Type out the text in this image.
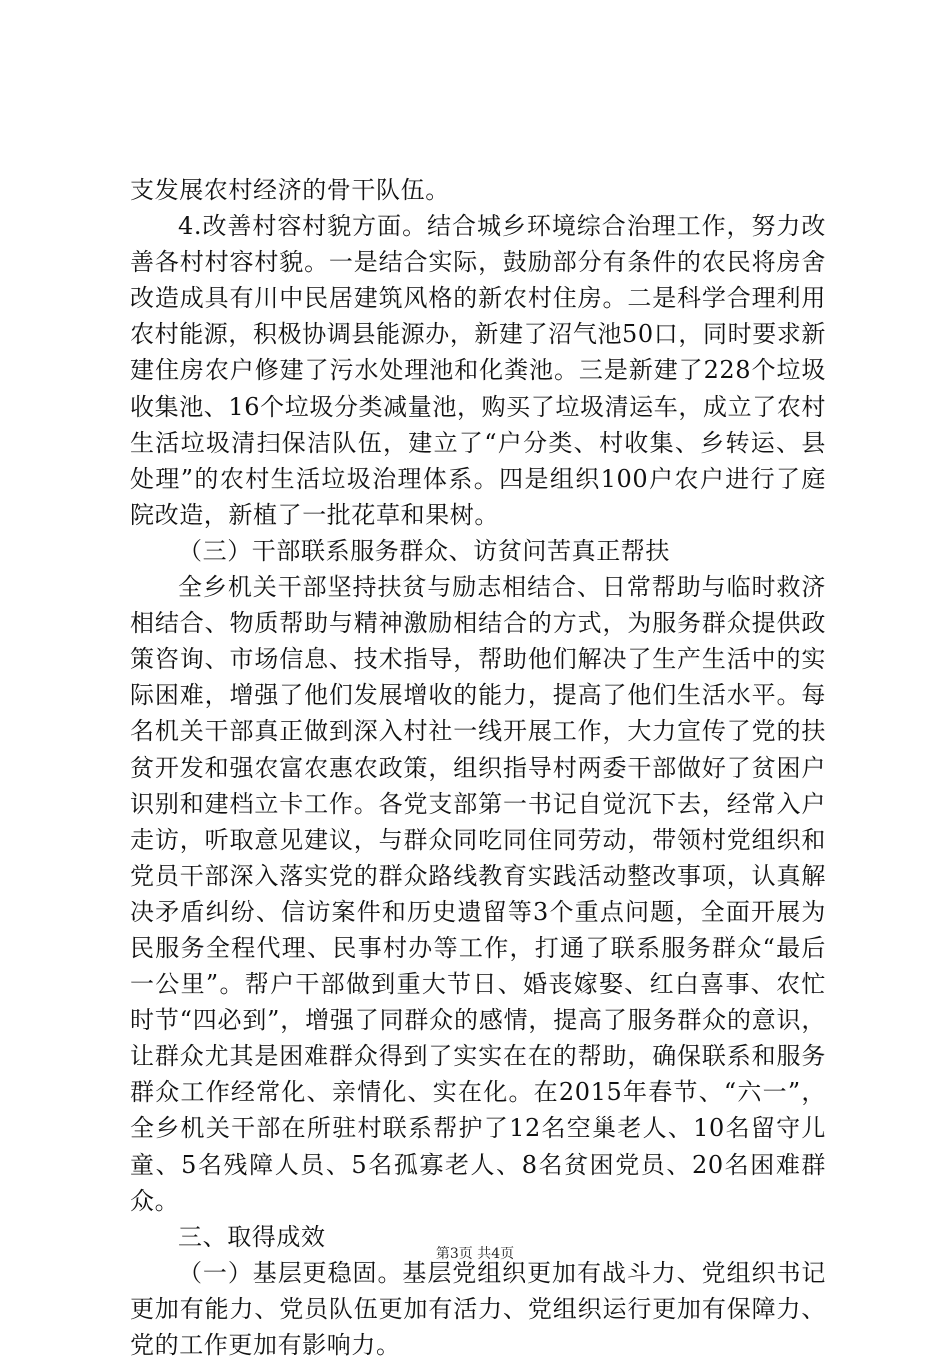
支发展农村经济的骨干队伍。

4.改善村容村貌方面。结合城乡环境综合治理工作，努力改善各村村容村貌。一是结合实际，鼓励部分有条件的农民将房舍改造成具有川中民居建筑风格的新农村住房。二是科学合理利用农村能源，积极协调县能源办，新建了沼气池50口，同时要求新建住房农户修建了污水处理池和化粪池。三是新建了228个垃圾收集池、16个垃圾分类减量池，购买了垃圾清运车，成立了农村生活垃圾清扫保洁队伍，建立了“户分类、村收集、乡转运、县处理”的农村生活垃圾治理体系。四是组织100户农户进行了庭院改造，新植了一批花草和果树。

（三）干部联系服务群众、访贫问苦真正帮扶

全乡机关干部坚持扶贫与励志相结合、日常帮助与临时救济相结合、物质帮助与精神激励相结合的方式，为服务群众提供政策咨询、市场信息、技术指导，帮助他们解决了生产生活中的实际困难，增强了他们发展增收的能力，提高了他们生活水平。每名机关干部真正做到深入村社一线开展工作，大力宣传了党的扶贫开发和强农富农惠农政策，组织指导村两委干部做好了贫困户识别和建档立卡工作。各党支部第一书记自觉沉下去，经常入户走访，听取意见建议，与群众同吃同住同劳动，带领村党组织和党员干部深入落实党的群众路线教育实践活动整改事项，认真解决矛盾纠纷、信访案件和历史遗留等3个重点问题，全面开展为民服务全程代理、民事村办等工作，打通了联系服务群众“最后一公里”。帮户干部做到重大节日、婚丧嫁娶、红白喜事、农忙时节“四必到”，增强了同群众的感情，提高了服务群众的意识，让群众尤其是困难群众得到了实实在在的帮助，确保联系和服务群众工作经常化、亲情化、实在化。在2015年春节、“六一”，全乡机关干部在所驻村联系帮护了12名空巢老人、10名留守儿童、5名残障人员、5名孤寡老人、8名贫困党员、20名困难群众。

三、取得成效

（一）基层更稳固。基层党组织更加有战斗力、党组织书记更加有能力、党员队伍更加有活力、党组织运行更加有保障力、党的工作更加有影响力。

第3页 共4页
